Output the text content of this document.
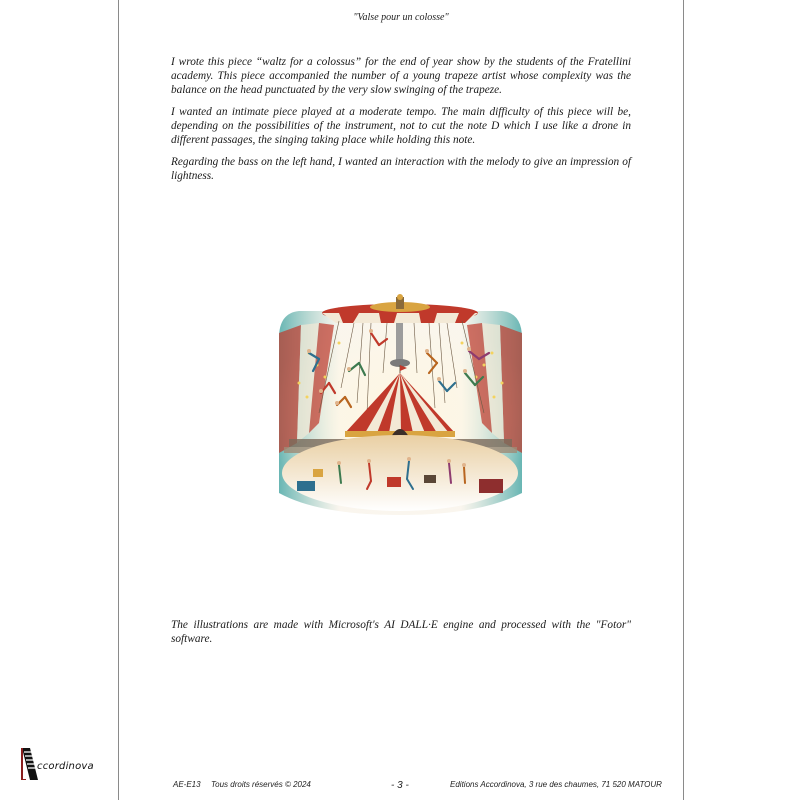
"Valse pour un colosse"

I wrote this piece “waltz for a colossus” for the end of year show by the students of the Fratellini academy. This piece accompanied the number of a young trapeze artist whose complexity was the balance on the head punctuated by the very slow swinging of the trapeze.

I wanted an intimate piece played at a moderate tempo. The main difficulty of this piece will be, depending on the possibilities of the instrument, not to cut the note D which I use like a drone in different passages, the singing taking place while holding this note.

Regarding the bass on the left hand, I wanted an interaction with the melody to give an impression of lightness.

The illustrations are made with Microsoft's AI DALL·E engine and processed with the "Fotor" software.

AE-E13 Tous droits réservés © 2024	- 3 -	Editions Accordinova, 3 rue des chaumes, 71 520 MATOUR
ccordinova
